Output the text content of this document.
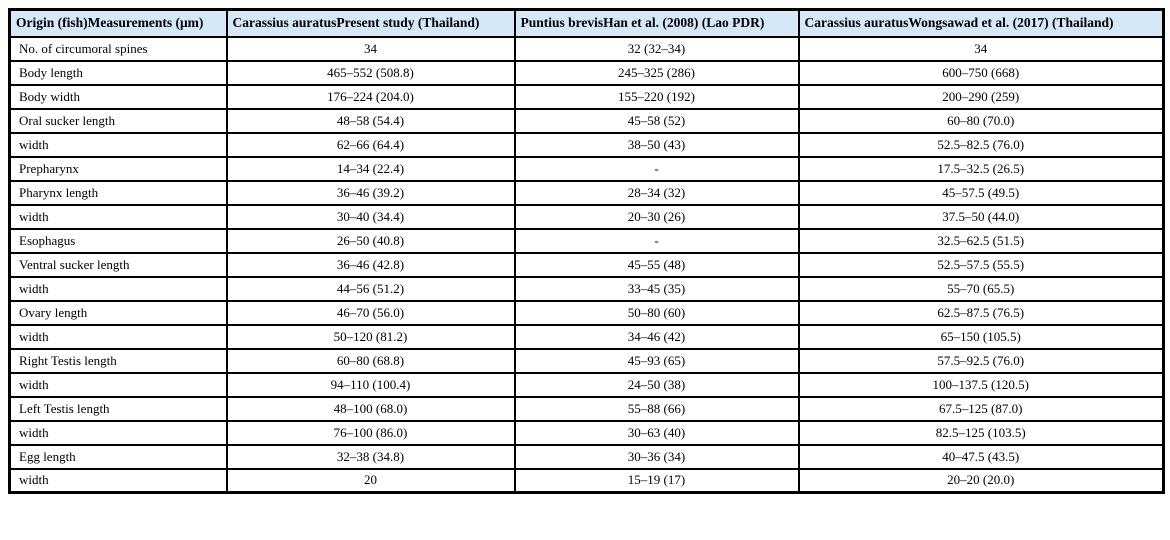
Origin (fish)Measurements (μm)	Carassius auratusPresent study (Thailand)	Puntius brevisHan et al. (2008) (Lao PDR)	Carassius auratusWongsawad et al. (2017) (Thailand)
No. of circumoral spines	34	32 (32–34)	34
Body length	465–552 (508.8)	245–325 (286)	600–750 (668)
Body width	176–224 (204.0)	155–220 (192)	200–290 (259)
Oral sucker length	48–58 (54.4)	45–58 (52)	60–80 (70.0)
width	62–66 (64.4)	38–50 (43)	52.5–82.5 (76.0)
Prepharynx	14–34 (22.4)	-	17.5–32.5 (26.5)
Pharynx length	36–46 (39.2)	28–34 (32)	45–57.5 (49.5)
width	30–40 (34.4)	20–30 (26)	37.5–50 (44.0)
Esophagus	26–50 (40.8)	-	32.5–62.5 (51.5)
Ventral sucker length	36–46 (42.8)	45–55 (48)	52.5–57.5 (55.5)
width	44–56 (51.2)	33–45 (35)	55–70 (65.5)
Ovary length	46–70 (56.0)	50–80 (60)	62.5–87.5 (76.5)
width	50–120 (81.2)	34–46 (42)	65–150 (105.5)
Right Testis length	60–80 (68.8)	45–93 (65)	57.5–92.5 (76.0)
width	94–110 (100.4)	24–50 (38)	100–137.5 (120.5)
Left Testis length	48–100 (68.0)	55–88 (66)	67.5–125 (87.0)
width	76–100 (86.0)	30–63 (40)	82.5–125 (103.5)
Egg length	32–38 (34.8)	30–36 (34)	40–47.5 (43.5)
width	20	15–19 (17)	20–20 (20.0)
